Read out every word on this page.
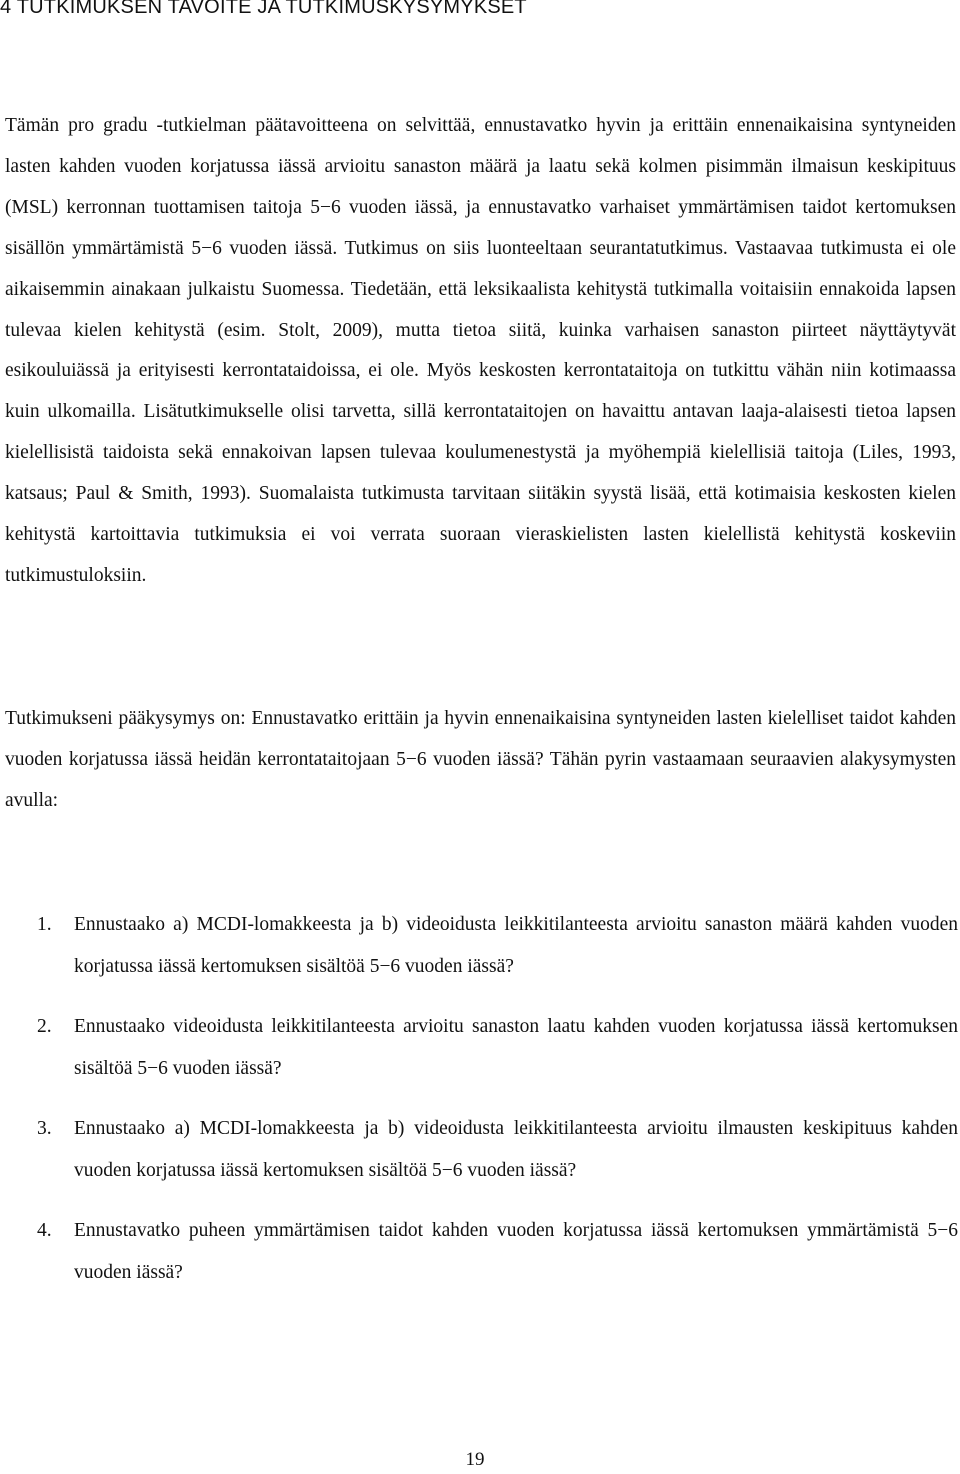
4 TUTKIMUKSEN TAVOITE JA TUTKIMUSKYSYMYKSET

Tämän pro gradu -tutkielman päätavoitteena on selvittää, ennustavatko hyvin ja erittäin ennenaikaisina syntyneiden lasten kahden vuoden korjatussa iässä arvioitu sanaston määrä ja laatu sekä kolmen pisimmän ilmaisun keskipituus (MSL) kerronnan tuottamisen taitoja 5−6 vuoden iässä, ja ennustavatko varhaiset ymmärtämisen taidot kertomuksen sisällön ymmärtämistä 5−6 vuoden iässä. Tutkimus on siis luonteeltaan seurantatutkimus. Vastaavaa tutkimusta ei ole aikaisemmin ainakaan julkaistu Suomessa. Tiedetään, että leksikaalista kehitystä tutkimalla voitaisiin ennakoida lapsen tulevaa kielen kehitystä (esim. Stolt, 2009), mutta tietoa siitä, kuinka varhaisen sanaston piirteet näyttäytyvät esikouluiässä ja erityisesti kerrontataidoissa, ei ole. Myös keskosten kerrontataitoja on tutkittu vähän niin kotimaassa kuin ulkomailla. Lisätutkimukselle olisi tarvetta, sillä kerrontataitojen on havaittu antavan laaja-alaisesti tietoa lapsen kielellisistä taidoista sekä ennakoivan lapsen tulevaa koulumenestystä ja myöhempiä kielellisiä taitoja (Liles, 1993, katsaus; Paul & Smith, 1993). Suomalaista tutkimusta tarvitaan siitäkin syystä lisää, että kotimaisia keskosten kielen kehitystä kartoittavia tutkimuksia ei voi verrata suoraan vieraskielisten lasten kielellistä kehitystä koskeviin tutkimustuloksiin.

Tutkimukseni pääkysymys on: Ennustavatko erittäin ja hyvin ennenaikaisina syntyneiden lasten kielelliset taidot kahden vuoden korjatussa iässä heidän kerrontataitojaan 5−6 vuoden iässä? Tähän pyrin vastaamaan seuraavien alakysymysten avulla:

1. Ennustaako a) MCDI-lomakkeesta ja b) videoidusta leikkitilanteesta arvioitu sanaston määrä kahden vuoden korjatussa iässä kertomuksen sisältöä 5−6 vuoden iässä?
2. Ennustaako videoidusta leikkitilanteesta arvioitu sanaston laatu kahden vuoden korjatussa iässä kertomuksen sisältöä 5−6 vuoden iässä?
3. Ennustaako a) MCDI-lomakkeesta ja b) videoidusta leikkitilanteesta arvioitu ilmausten keskipituus kahden vuoden korjatussa iässä kertomuksen sisältöä 5−6 vuoden iässä?
4. Ennustavatko puheen ymmärtämisen taidot kahden vuoden korjatussa iässä kertomuksen ymmärtämistä 5−6 vuoden iässä?
19
